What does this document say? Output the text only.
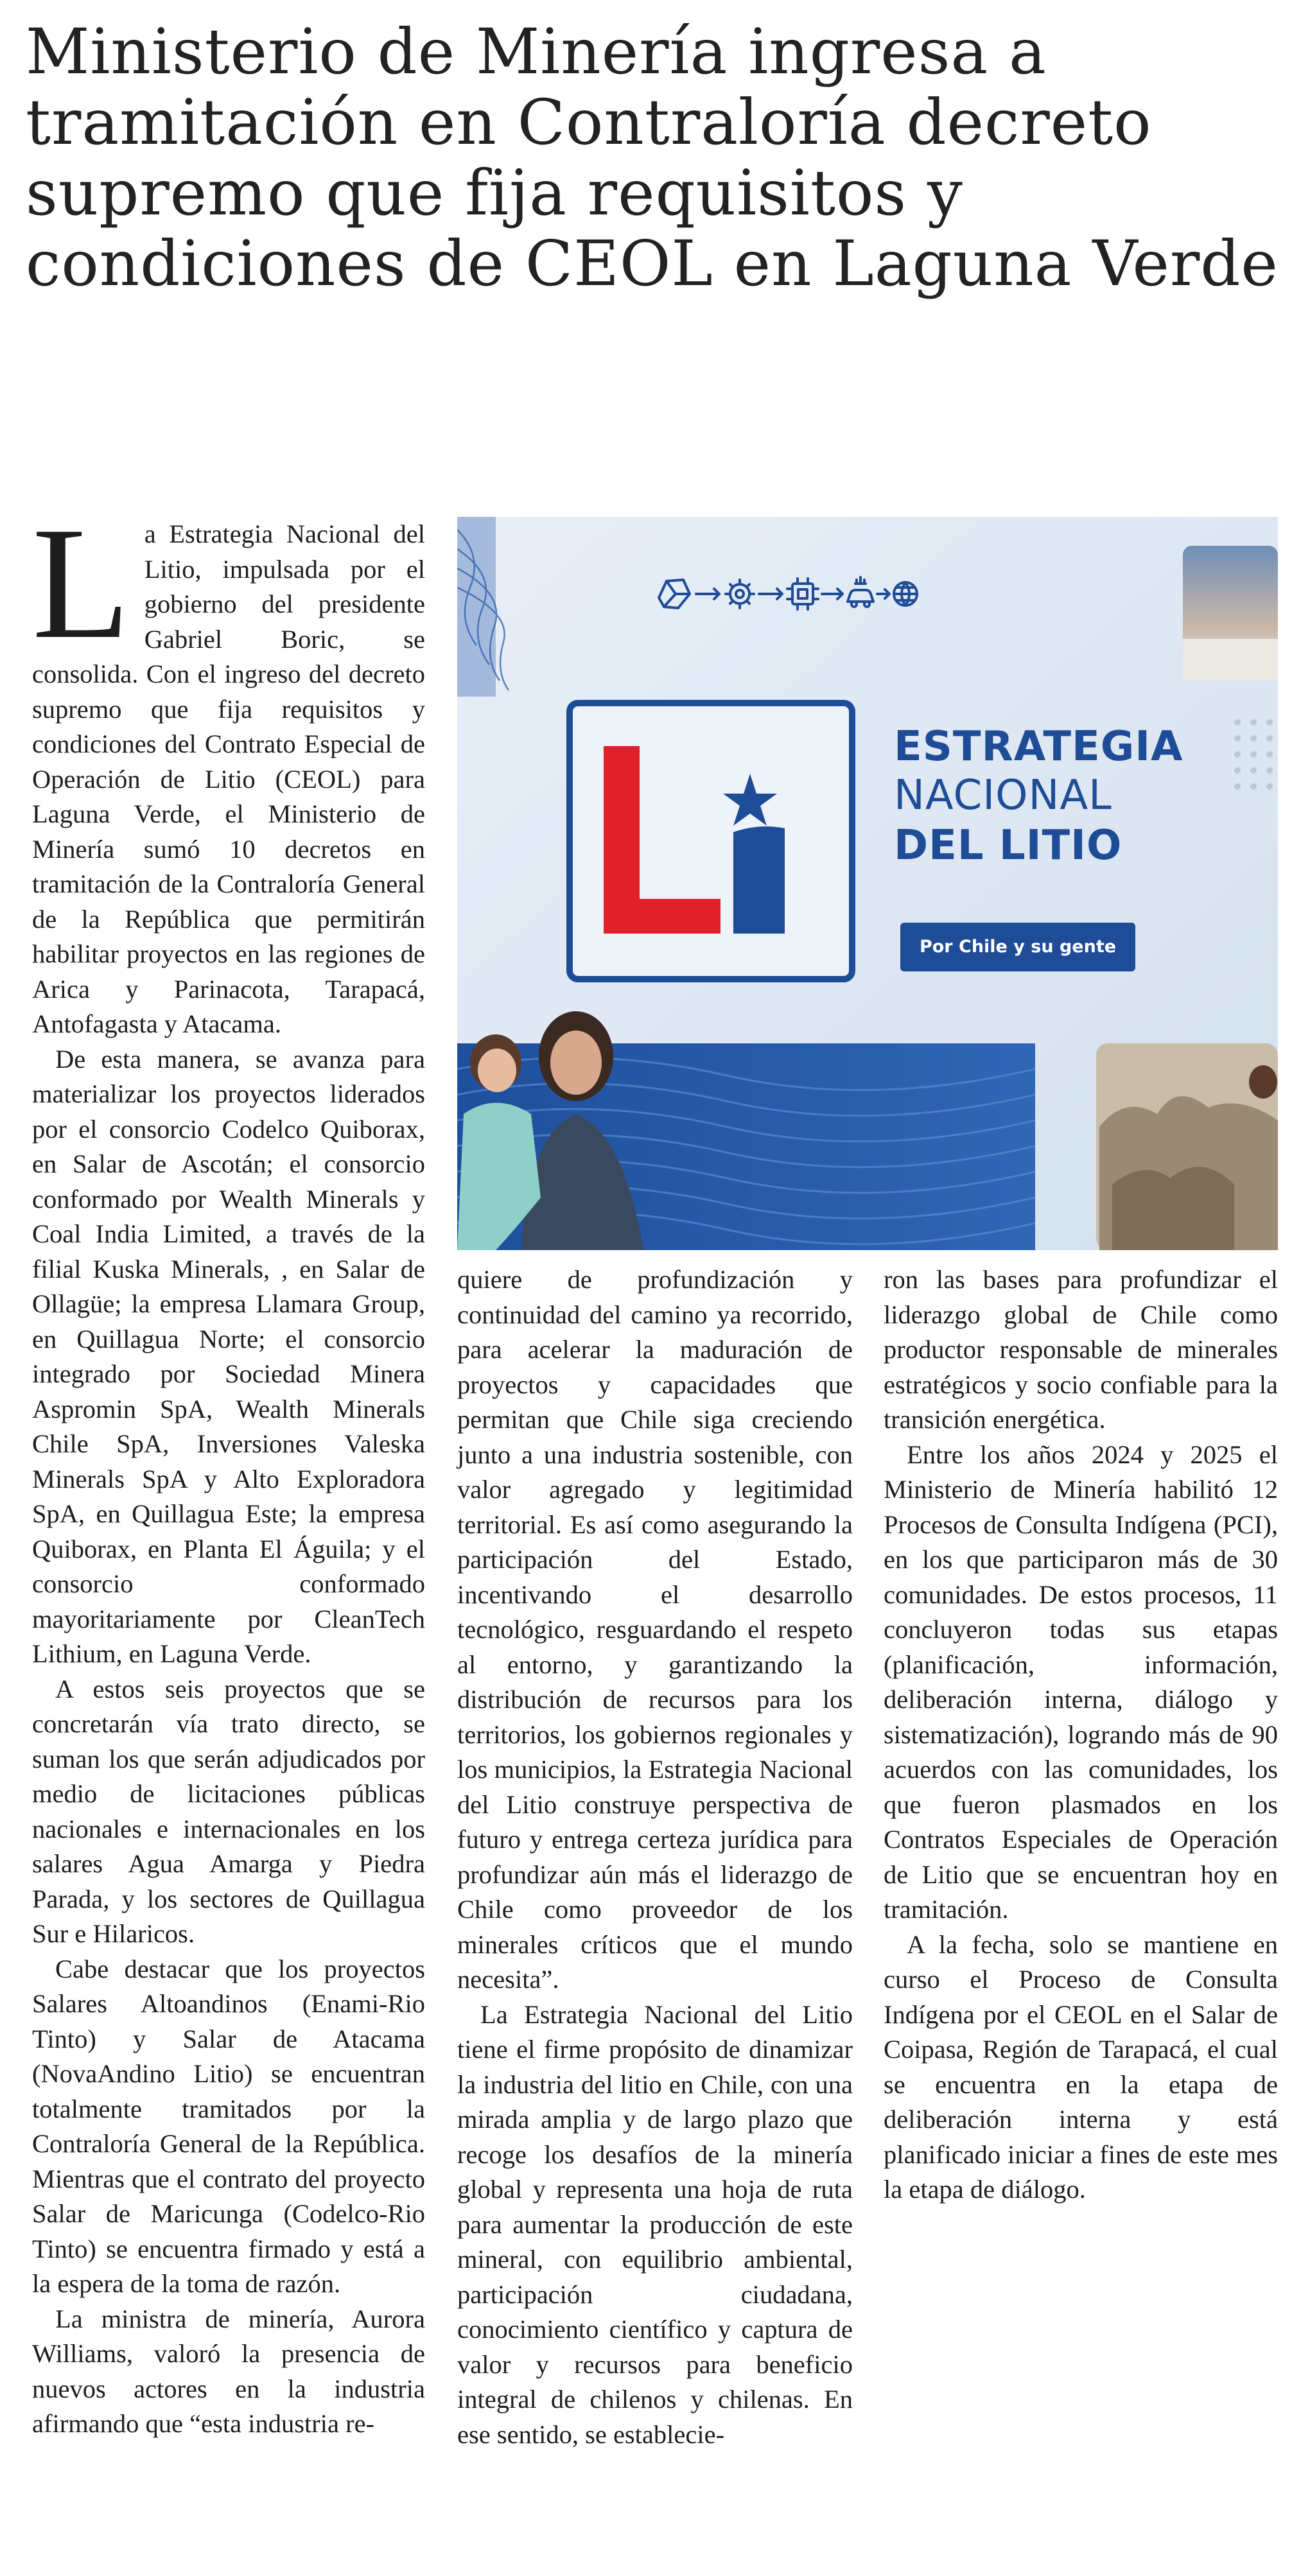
Ministerio de Minería ingresa a tramitación en Contraloría decreto supremo que fija requisitos y condiciones de CEOL en Laguna Verde

L a Estrategia Nacional del Litio, impulsada por el gobierno del presidente Gabriel Boric, se consolida. Con el ingreso del decreto supremo que fija requisitos y condiciones del Contrato Especial de Operación de Litio (CEOL) para Laguna Verde, el Ministerio de Minería sumó 10 decretos en tramitación de la Contraloría General de la República que permitirán habilitar proyectos en las regiones de Arica y Parinacota, Tarapacá, Antofagasta y Atacama.

De esta manera, se avanza para materializar los proyectos liderados por el consorcio Codelco Quiborax, en Salar de Ascotán; el consorcio conformado por Wealth Minerals y Coal India Limited, a través de la filial Kuska Minerals, , en Salar de Ollagüe; la empresa Llamara Group, en Quillagua Norte; el consorcio integrado por Sociedad Minera Aspromin SpA, Wealth Minerals Chile SpA, Inversiones Valeska Minerals SpA y Alto Exploradora SpA, en Quillagua Este; la empresa Quiborax, en Planta El Águila; y el consorcio conformado mayoritariamente por CleanTech Lithium, en Laguna Verde.

A estos seis proyectos que se concretarán vía trato directo, se suman los que serán adjudicados por medio de licitaciones públicas nacionales e internacionales en los salares Agua Amarga y Piedra Parada, y los sectores de Quillagua Sur e Hilaricos.

Cabe destacar que los proyectos Salares Altoandinos (Enami-Rio Tinto) y Salar de Atacama (NovaAndino Litio) se encuentran totalmente tramitados por la Contraloría General de la República. Mientras que el contrato del proyecto Salar de Maricunga (Codelco-Rio Tinto) se encuentra firmado y está a la espera de la toma de razón.

La ministra de minería, Aurora Williams, valoró la presencia de nuevos actores en la industria afirmando que “esta industria re-

ESTRATEGIA
NACIONAL
DEL LITIO
Por Chile y su gente

quiere de profundización y continuidad del camino ya recorrido, para acelerar la maduración de proyectos y capacidades que permitan que Chile siga creciendo junto a una industria sostenible, con valor agregado y legitimidad territorial. Es así como asegurando la participación del Estado, incentivando el desarrollo tecnológico, resguardando el respeto al entorno, y garantizando la distribución de recursos para los territorios, los gobiernos regionales y los municipios, la Estrategia Nacional del Litio construye perspectiva de futuro y entrega certeza jurídica para profundizar aún más el liderazgo de Chile como proveedor de los minerales críticos que el mundo necesita”.

La Estrategia Nacional del Litio tiene el firme propósito de dinamizar la industria del litio en Chile, con una mirada amplia y de largo plazo que recoge los desafíos de la minería global y representa una hoja de ruta para aumentar la producción de este mineral, con equilibrio ambiental, participación ciudadana, conocimiento científico y captura de valor y recursos para beneficio integral de chilenos y chilenas. En ese sentido, se establecie-

ron las bases para profundizar el liderazgo global de Chile como productor responsable de minerales estratégicos y socio confiable para la transición energética.

Entre los años 2024 y 2025 el Ministerio de Minería habilitó 12 Procesos de Consulta Indígena (PCI), en los que participaron más de 30 comunidades. De estos procesos, 11 concluyeron todas sus etapas (planificación, información, deliberación interna, diálogo y sistematización), logrando más de 90 acuerdos con las comunidades, los que fueron plasmados en los Contratos Especiales de Operación de Litio que se encuentran hoy en tramitación.

A la fecha, solo se mantiene en curso el Proceso de Consulta Indígena por el CEOL en el Salar de Coipasa, Región de Tarapacá, el cual se encuentra en la etapa de deliberación interna y está planificado iniciar a fines de este mes la etapa de diálogo.
